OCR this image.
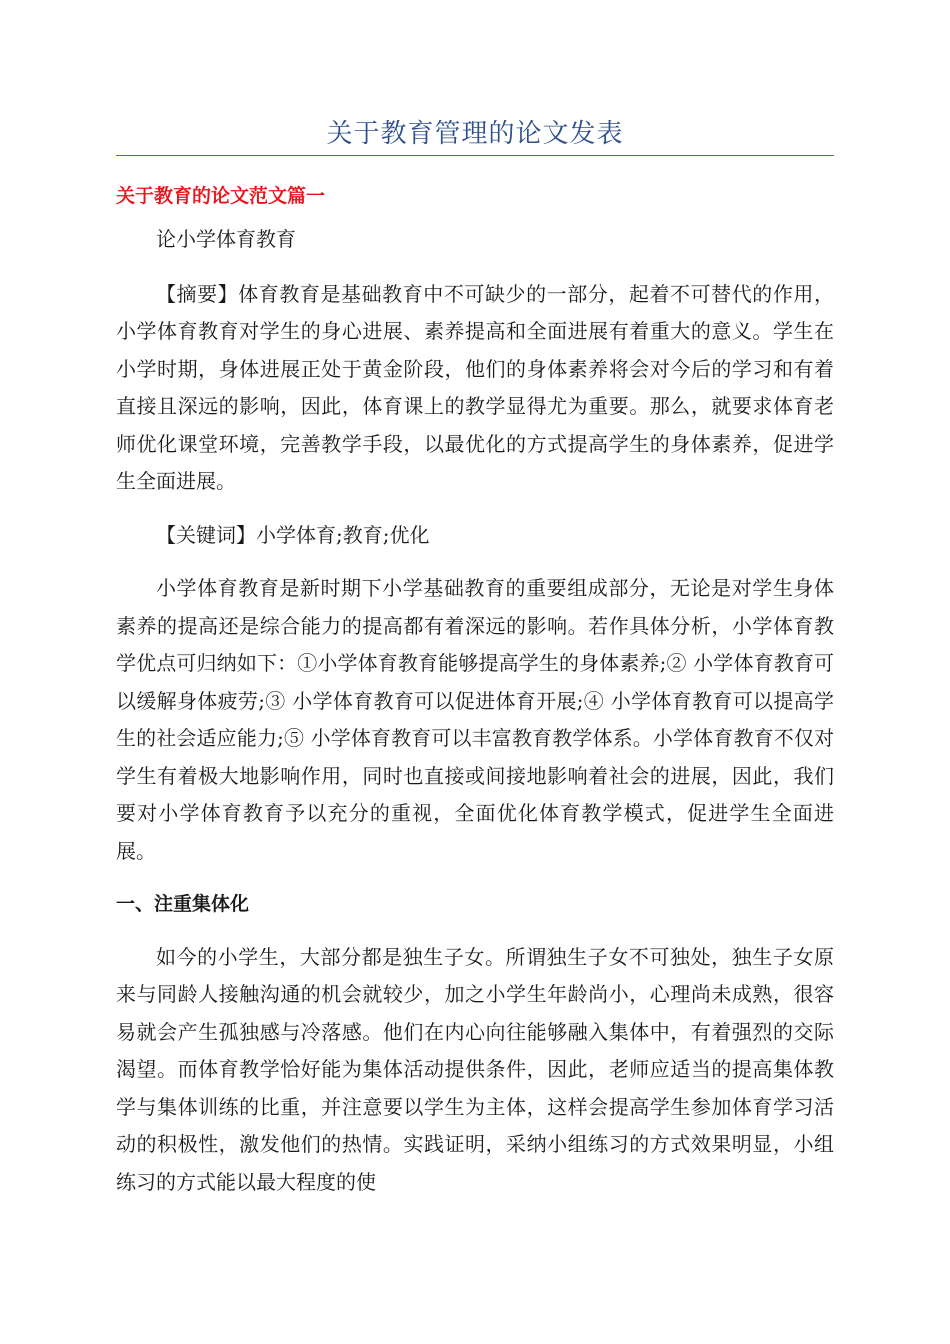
关于教育管理的论文发表
关于教育的论文范文篇一

论小学体育教育

【摘要】体育教育是基础教育中不可缺少的一部分，起着不可替代的作用，小学体育教育对学生的身心进展、素养提高和全面进展有着重大的意义。学生在小学时期，身体进展正处于黄金阶段，他们的身体素养将会对今后的学习和有着直接且深远的影响，因此，体育课上的教学显得尤为重要。那么，就要求体育老师优化课堂环境，完善教学手段，以最优化的方式提高学生的身体素养，促进学生全面进展。

【关键词】小学体育;教育;优化

小学体育教育是新时期下小学基础教育的重要组成部分，无论是对学生身体素养的提高还是综合能力的提高都有着深远的影响。若作具体分析，小学体育教学优点可归纳如下：①小学体育教育能够提高学生的身体素养;② 小学体育教育可以缓解身体疲劳;③ 小学体育教育可以促进体育开展;④ 小学体育教育可以提高学生的社会适应能力;⑤ 小学体育教育可以丰富教育教学体系。小学体育教育不仅对学生有着极大地影响作用，同时也直接或间接地影响着社会的进展，因此，我们要对小学体育教育予以充分的重视，全面优化体育教学模式，促进学生全面进展。

一、注重集体化

如今的小学生，大部分都是独生子女。所谓独生子女不可独处，独生子女原来与同龄人接触沟通的机会就较少，加之小学生年龄尚小，心理尚未成熟，很容易就会产生孤独感与冷落感。他们在内心向往能够融入集体中，有着强烈的交际渴望。而体育教学恰好能为集体活动提供条件，因此，老师应适当的提高集体教学与集体训练的比重，并注意要以学生为主体，这样会提高学生参加体育学习活动的积极性，激发他们的热情。实践证明，采纳小组练习的方式效果明显，小组练习的方式能以最大程度的使
